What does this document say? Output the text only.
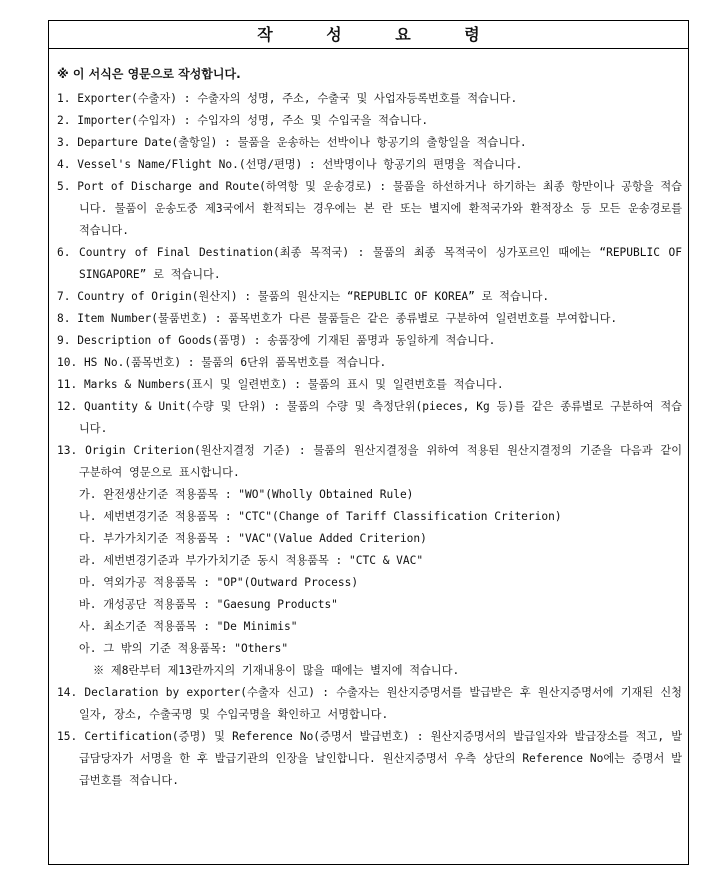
작 성 요 령
※ 이 서식은 영문으로 작성합니다.
1. Exporter(수출자) : 수출자의 성명, 주소, 수출국 및 사업자등록번호를 적습니다.
2. Importer(수입자) : 수입자의 성명, 주소 및 수입국을 적습니다.
3. Departure Date(출항일) : 물품을 운송하는 선박이나 항공기의 출항일을 적습니다.
4. Vessel's Name/Flight No.(선명/편명) : 선박명이나 항공기의 편명을 적습니다.
5. Port of Discharge and Route(하역항 및 운송경로) : 물품을 하선하거나 하기하는 최종 항만이나 공항을 적습니다. 물품이 운송도중 제3국에서 환적되는 경우에는 본 란 또는 별지에 환적국가와 환적장소 등 모든 운송경로를 적습니다.
6. Country of Final Destination(최종 목적국) : 물품의 최종 목적국이 싱가포르인 때에는 “REPUBLIC OF SINGAPORE” 로 적습니다.
7. Country of Origin(원산지) : 물품의 원산지는 “REPUBLIC OF KOREA” 로 적습니다.
8. Item Number(물품번호) : 품목번호가 다른 물품들은 같은 종류별로 구분하여 일련번호를 부여합니다.
9. Description of Goods(품명) : 송품장에 기재된 품명과 동일하게 적습니다.
10. HS No.(품목번호) : 물품의 6단위 품목번호를 적습니다.
11. Marks & Numbers(표시 및 일련번호) : 물품의 표시 및 일련번호를 적습니다.
12. Quantity & Unit(수량 및 단위) : 물품의 수량 및 측정단위(pieces, Kg 등)를 같은 종류별로 구분하여 적습니다.
13. Origin Criterion(원산지결정 기준) : 물품의 원산지결정을 위하여 적용된 원산지결정의 기준을 다음과 같이 구분하여 영문으로 표시합니다.
가. 완전생산기준 적용품목 : "WO"(Wholly Obtained Rule)
나. 세번변경기준 적용품목 : "CTC"(Change of Tariff Classification Criterion)
다. 부가가치기준 적용품목 : "VAC"(Value Added Criterion)
라. 세번변경기준과 부가가치기준 동시 적용품목 : "CTC & VAC"
마. 역외가공 적용품목 : "OP"(Outward Process)
바. 개성공단 적용품목 : "Gaesung Products"
사. 최소기준 적용품목 : "De Minimis"
아. 그 밖의 기준 적용품목: "Others"
※ 제8란부터 제13란까지의 기재내용이 많을 때에는 별지에 적습니다.
14. Declaration by exporter(수출자 신고) : 수출자는 원산지증명서를 발급받은 후 원산지증명서에 기재된 신청일자, 장소, 수출국명 및 수입국명을 확인하고 서명합니다.
15. Certification(증명) 및 Reference No(증명서 발급번호) : 원산지증명서의 발급일자와 발급장소를 적고, 발급담당자가 서명을 한 후 발급기관의 인장을 날인합니다. 원산지증명서 우측 상단의 Reference No에는 증명서 발급번호를 적습니다.
